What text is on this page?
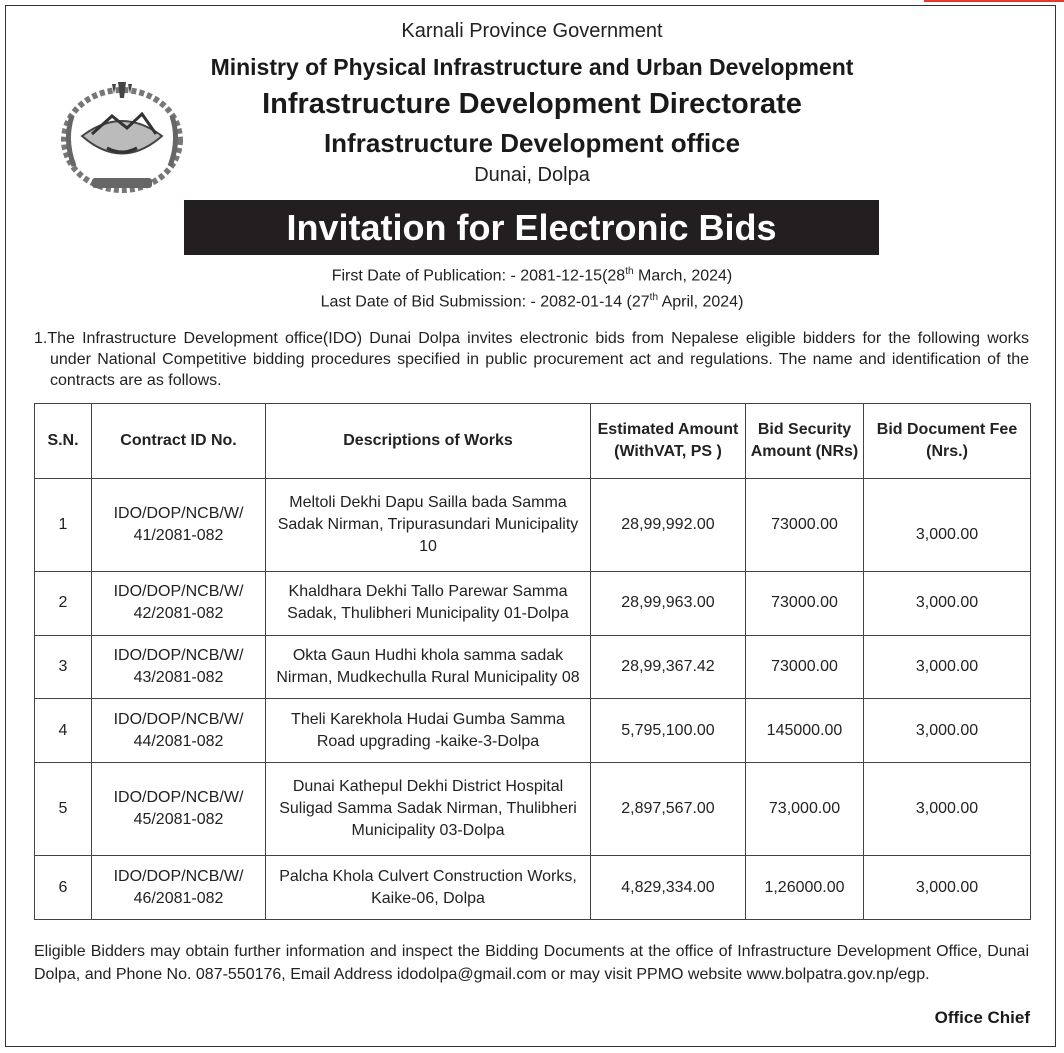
Karnali Province Government
Ministry of Physical Infrastructure and Urban Development
Infrastructure Development Directorate
Infrastructure Development office
Dunai, Dolpa
Invitation for Electronic Bids
First Date of Publication: - 2081-12-15(28th March, 2024)
Last Date of Bid Submission: - 2082-01-14 (27th April, 2024)
1.The Infrastructure Development office(IDO) Dunai Dolpa invites electronic bids from Nepalese eligible bidders for the following works under National Competitive bidding procedures specified in public procurement act and regulations. The name and identification of the contracts are as follows.
S.N.	Contract ID No.	Descriptions of Works	Estimated Amount (WithVAT, PS )	Bid Security Amount (NRs)	Bid Document Fee (Nrs.)
1	IDO/DOP/NCB/W/ 41/2081-082	Meltoli Dekhi Dapu Sailla bada Samma Sadak Nirman, Tripurasundari Municipality 10	28,99,992.00	73000.00	3,000.00
2	IDO/DOP/NCB/W/ 42/2081-082	Khaldhara Dekhi Tallo Parewar Samma Sadak, Thulibheri Municipality 01-Dolpa	28,99,963.00	73000.00	3,000.00
3	IDO/DOP/NCB/W/ 43/2081-082	Okta Gaun Hudhi khola samma sadak Nirman, Mudkechulla Rural Municipality 08	28,99,367.42	73000.00	3,000.00
4	IDO/DOP/NCB/W/ 44/2081-082	Theli Karekhola Hudai Gumba Samma Road upgrading -kaike-3-Dolpa	5,795,100.00	145000.00	3,000.00
5	IDO/DOP/NCB/W/ 45/2081-082	Dunai Kathepul Dekhi District Hospital Suligad Samma Sadak Nirman, Thulibheri Municipality 03-Dolpa	2,897,567.00	73,000.00	3,000.00
6	IDO/DOP/NCB/W/ 46/2081-082	Palcha Khola Culvert Construction Works, Kaike-06, Dolpa	4,829,334.00	1,26000.00	3,000.00
Eligible Bidders may obtain further information and inspect the Bidding Documents at the office of Infrastructure Development Office, Dunai Dolpa, and Phone No. 087-550176, Email Address idodolpa@gmail.com or may visit PPMO website www.bolpatra.gov.np/egp.
Office Chief
